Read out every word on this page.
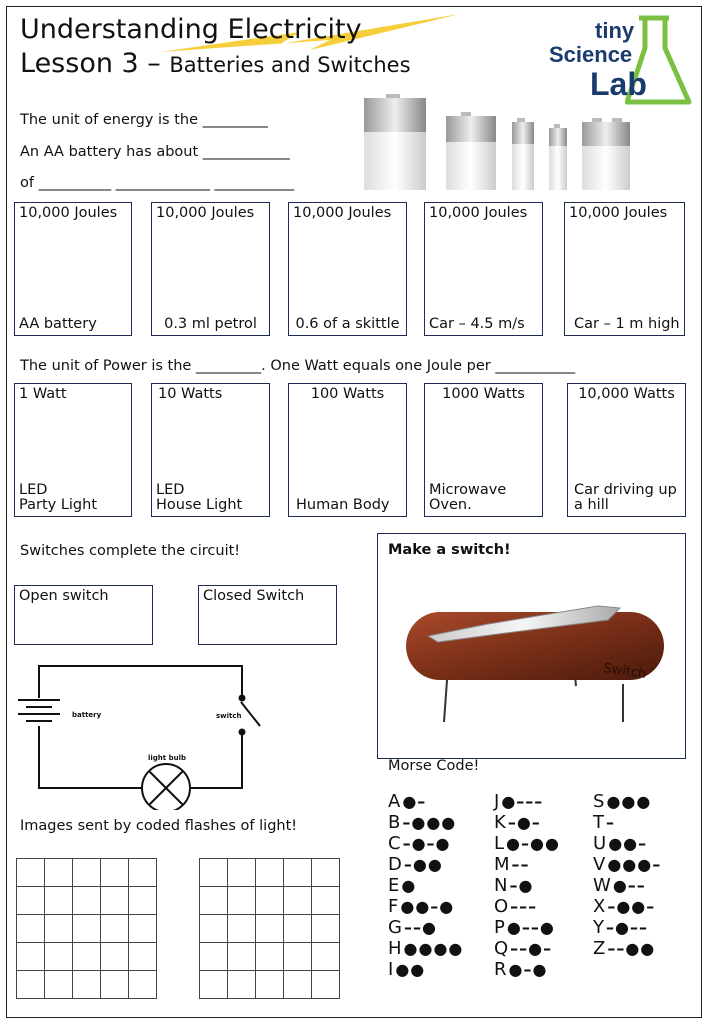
Understanding Electricity
Lesson 3 – Batteries and Switches
tiny
Science
Lab
The unit of energy is the _________
An AA battery has about ____________
of __________ _____________ ___________
10,000 Joules
AA battery
10,000 Joules
0.3 ml petrol
10,000 Joules
0.6 of a skittle
10,000 Joules
Car – 4.5 m/s
10,000 Joules
Car – 1 m high
The unit of Power is the _________. One Watt equals one Joule per ___________
1 Watt
LED
Party Light
10 Watts
LED
House Light
100 Watts
Human Body
1000 Watts
Microwave
Oven.
10,000 Watts
Car driving up
a hill
Switches complete the circuit!
Open switch	Closed Switch
battery	switch
light bulb
Make a switch!
Switch
Morse Code!
A ●–
B –●●●
C –●–●
D –●●
E ●
F ●●–●
G ––●
H ●●●●
I ●●
J ●–––
K –●–
L ●–●●
M ––
N –●
O –––
P ●––●
Q ––●–
R ●–●
S ●●●
T –
U ●●–
V ●●●–
W ●––
X –●●–
Y –●––
Z ––●●
Images sent by coded flashes of light!
